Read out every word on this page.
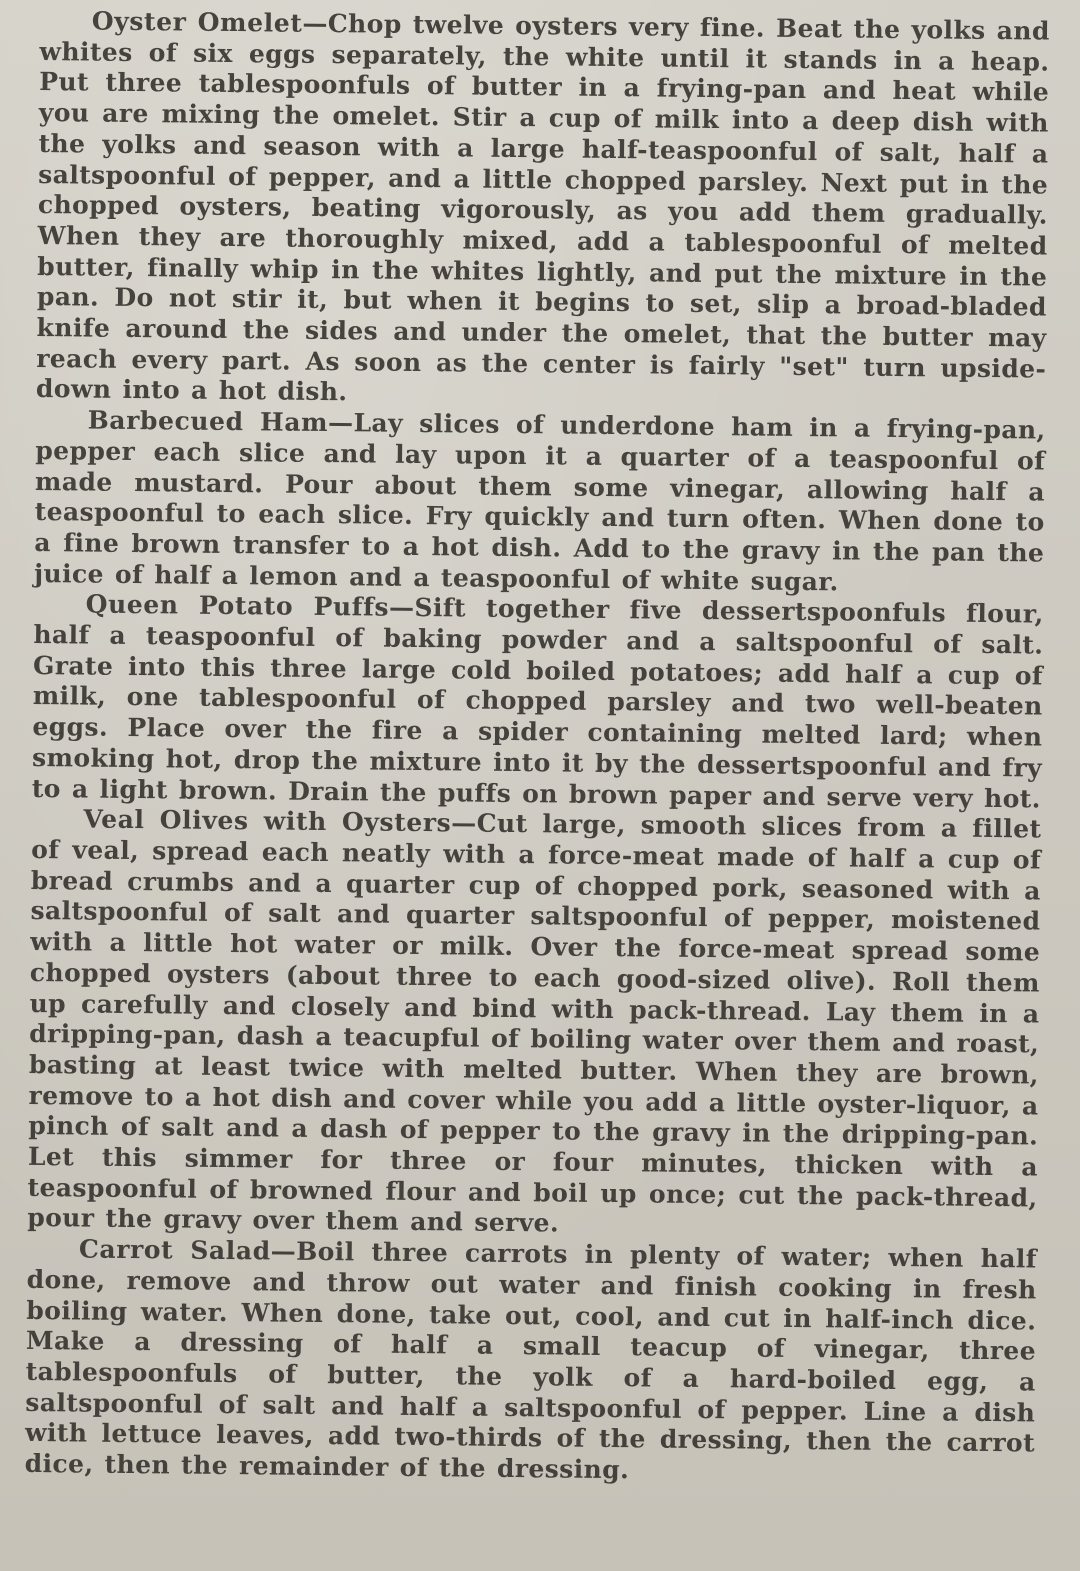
Oyster Omelet—Chop twelve oysters very fine. Beat the yolks and whites of six eggs separately, the white until it stands in a heap. Put three tablespoonfuls of butter in a frying-pan and heat while you are mixing the omelet. Stir a cup of milk into a deep dish with the yolks and season with a large half-teaspoonful of salt, half a saltspoonful of pepper, and a little chopped parsley. Next put in the chopped oysters, beating vigorously, as you add them gradually. When they are thoroughly mixed, add a tablespoonful of melted butter, finally whip in the whites lightly, and put the mixture in the pan. Do not stir it, but when it begins to set, slip a broad-bladed knife around the sides and under the omelet, that the butter may reach every part. As soon as the center is fairly "set" turn upside-down into a hot dish.

Barbecued Ham—Lay slices of underdone ham in a frying-pan, pepper each slice and lay upon it a quarter of a teaspoonful of made mustard. Pour about them some vinegar, allowing half a teaspoonful to each slice. Fry quickly and turn often. When done to a fine brown transfer to a hot dish. Add to the gravy in the pan the juice of half a lemon and a teaspoonful of white sugar.

Queen Potato Puffs—Sift together five dessertspoonfuls flour, half a teaspoonful of baking powder and a saltspoonful of salt. Grate into this three large cold boiled potatoes; add half a cup of milk, one tablespoonful of chopped parsley and two well-beaten eggs. Place over the fire a spider containing melted lard; when smoking hot, drop the mixture into it by the dessertspoonful and fry to a light brown. Drain the puffs on brown paper and serve very hot.

Veal Olives with Oysters—Cut large, smooth slices from a fillet of veal, spread each neatly with a force-meat made of half a cup of bread crumbs and a quarter cup of chopped pork, seasoned with a saltspoonful of salt and quarter saltspoonful of pepper, moistened with a little hot water or milk. Over the force-meat spread some chopped oysters (about three to each good-sized olive). Roll them up carefully and closely and bind with pack-thread. Lay them in a dripping-pan, dash a teacupful of boiling water over them and roast, basting at least twice with melted butter. When they are brown, remove to a hot dish and cover while you add a little oyster-liquor, a pinch of salt and a dash of pepper to the gravy in the dripping-pan. Let this simmer for three or four minutes, thicken with a teaspoonful of browned flour and boil up once; cut the pack-thread, pour the gravy over them and serve.

Carrot Salad—Boil three carrots in plenty of water; when half done, remove and throw out water and finish cooking in fresh boiling water. When done, take out, cool, and cut in half-inch dice. Make a dressing of half a small teacup of vinegar, three tablespoonfuls of butter, the yolk of a hard-boiled egg, a saltspoonful of salt and half a saltspoonful of pepper. Line a dish with lettuce leaves, add two-thirds of the dressing, then the carrot dice, then the remainder of the dressing.
